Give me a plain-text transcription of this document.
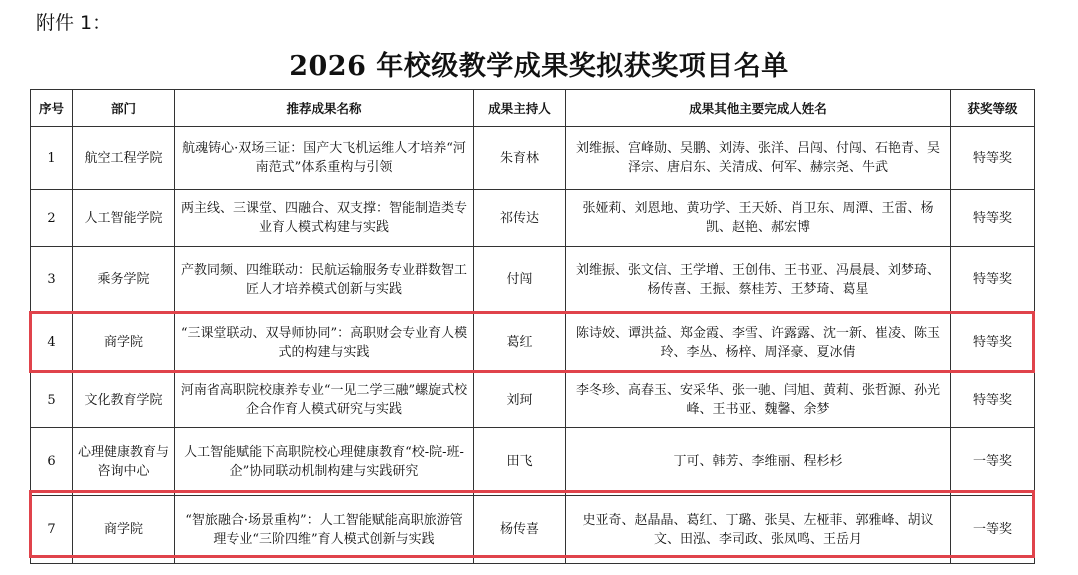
附件 1：
2026 年校级教学成果奖拟获奖项目名单
序号	部门	推荐成果名称	成果主持人	成果其他主要完成人姓名	获奖等级
1	航空工程学院	航魂铸心·双场三证：国产大飞机运维人才培养“河南范式”体系重构与引领	朱育林	刘维振、宫峰勋、吴鹏、刘涛、张洋、吕闯、付闯、石艳青、吴泽宗、唐启东、关清成、何军、赫宗尧、牛武	特等奖
2	人工智能学院	两主线、三课堂、四融合、双支撑：智能制造类专业育人模式构建与实践	祁传达	张娅莉、刘恩地、黄功学、王天娇、肖卫东、周潭、王雷、杨凯、赵艳、郝宏博	特等奖
3	乘务学院	产教同频、四维联动：民航运输服务专业群数智工匠人才培养模式创新与实践	付闯	刘维振、张文信、王学增、王创伟、王书亚、冯晨晨、刘梦琦、杨传喜、王振、蔡桂芳、王梦琦、葛星	特等奖
4	商学院	“三课堂联动、双导师协同”：高职财会专业育人模式的构建与实践	葛红	陈诗姣、谭洪益、郑金霞、李雪、许露露、沈一新、崔凌、陈玉玲、李丛、杨梓、周泽豪、夏冰倩	特等奖
5	文化教育学院	河南省高职院校康养专业“一见二学三融”螺旋式校企合作育人模式研究与实践	刘珂	李冬珍、高春玉、安采华、张一驰、闫旭、黄莉、张哲源、孙光峰、王书亚、魏馨、余梦	特等奖
6	心理健康教育与咨询中心	人工智能赋能下高职院校心理健康教育“校-院-班-企”协同联动机制构建与实践研究	田飞	丁可、韩芳、李维丽、程杉杉	一等奖
7	商学院	“智旅融合·场景重构”：人工智能赋能高职旅游管理专业“三阶四维”育人模式创新与实践	杨传喜	史亚奇、赵晶晶、葛红、丁璐、张昊、左桠菲、郭雅峰、胡议文、田泓、李司政、张凤鸣、王岳月	一等奖
